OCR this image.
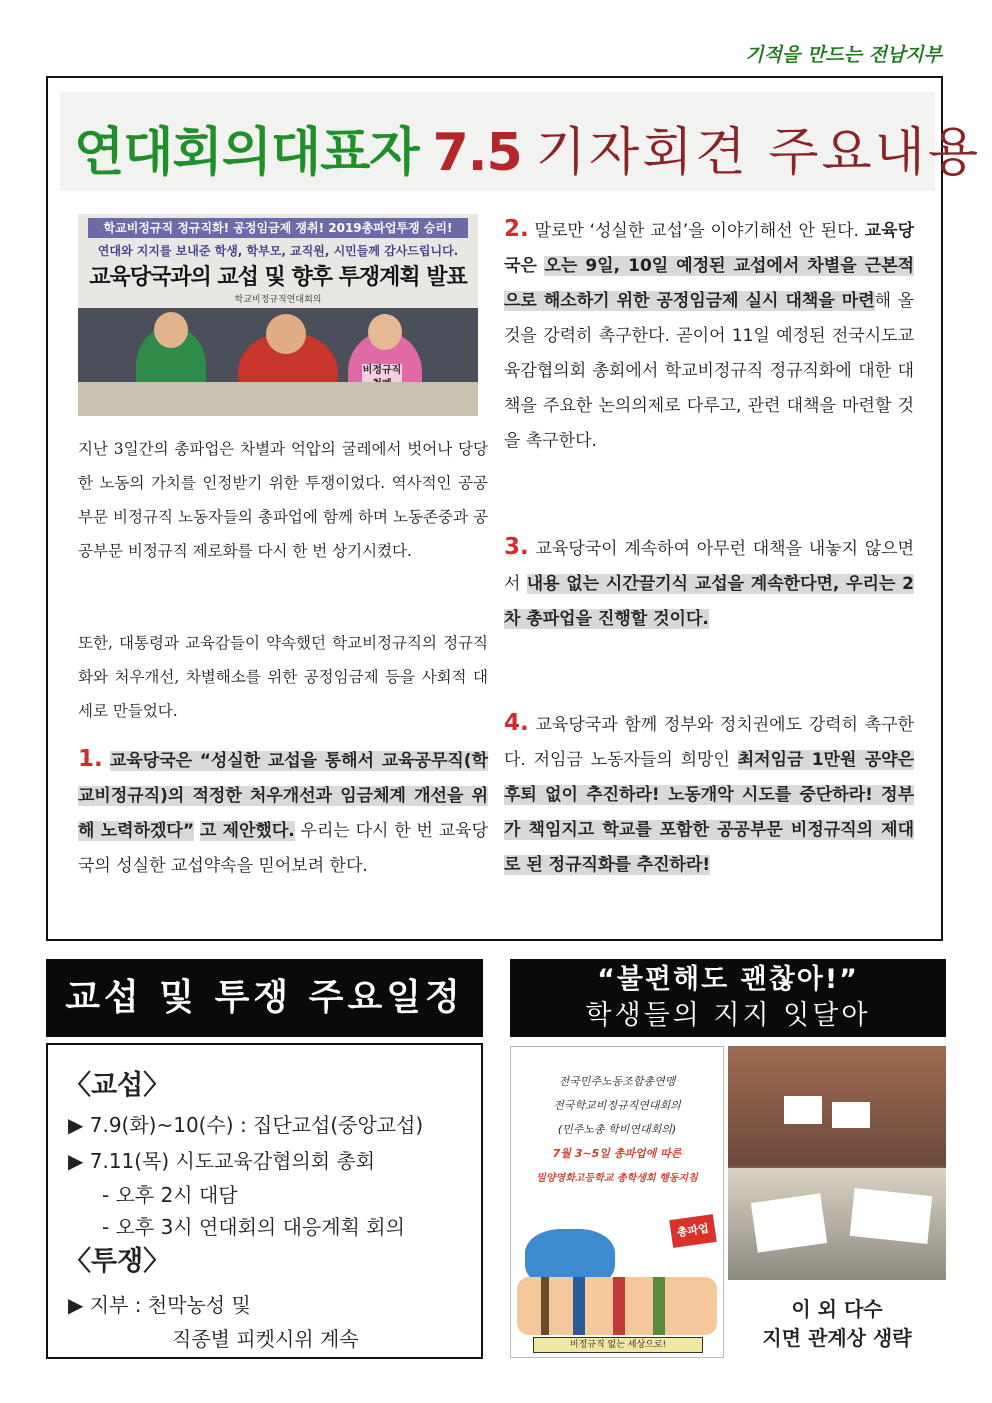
기적을 만드는 전남지부
연대회의대표자 7.5 기자회견 주요내용
학교비정규직 정규직화! 공정임금제 쟁취! 2019총파업투쟁 승리!
연대와 지지를 보내준 학생, 학부모, 교직원, 시민들께 감사드립니다.
교육당국과의 교섭 및 향후 투쟁계획 발표
학교비정규직연대회의
비정규직
지난 3일간의 총파업은 차별과 억압의 굴레에서 벗어나 당당한 노동의 가치를 인정받기 위한 투쟁이었다. 역사적인 공공부문 비정규직 노동자들의 총파업에 함께 하며 노동존중과 공공부문 비정규직 제로화를 다시 한 번 상기시켰다.
또한, 대통령과 교육감들이 약속했던 학교비정규직의 정규직화와 처우개선, 차별해소를 위한 공정임금제 등을 사회적 대세로 만들었다.
1. 교육당국은 “성실한 교섭을 통해서 교육공무직(학교비정규직)의 적정한 처우개선과 임금체계 개선을 위해 노력하겠다” 고 제안했다. 우리는 다시 한 번 교육당국의 성실한 교섭약속을 믿어보려 한다.
2. 말로만 ‘성실한 교섭’을 이야기해선 안 된다. 교육당국은 오는 9일, 10일 예정된 교섭에서 차별을 근본적으로 해소하기 위한 공정임금제 실시 대책을 마련해 올 것을 강력히 촉구한다. 곧이어 11일 예정된 전국시도교육감협의회 총회에서 학교비정규직 정규직화에 대한 대책을 주요한 논의의제로 다루고, 관련 대책을 마련할 것을 촉구한다.
3. 교육당국이 계속하여 아무런 대책을 내놓지 않으면서 내용 없는 시간끌기식 교섭을 계속한다면, 우리는 2차 총파업을 진행할 것이다.
4. 교육당국과 함께 정부와 정치권에도 강력히 촉구한다. 저임금 노동자들의 희망인 최저임금 1만원 공약은 후퇴 없이 추진하라! 노동개악 시도를 중단하라! 정부가 책임지고 학교를 포함한 공공부문 비정규직의 제대로 된 정규직화를 추진하라!
교섭 및 투쟁 주요일정
〈교섭〉
▶ 7.9(화)~10(수) : 집단교섭(중앙교섭)
▶ 7.11(목) 시도교육감협의회 총회
- 오후 2시 대담
- 오후 3시 연대회의 대응계획 회의
〈투쟁〉
▶ 지부 : 천막농성 및
직종별 피켓시위 계속
“불편해도 괜찮아!”
학생들의 지지 잇달아
전국민주노동조합총연맹
전국학교비정규직연대회의
(민주노총 학비연대회의)
7월 3~5일 총파업에 따른
밀양영화고등학교 총학생회 행동지침
총파업
비정규직 없는 세상으로!
이 외 다수
지면 관계상 생략
